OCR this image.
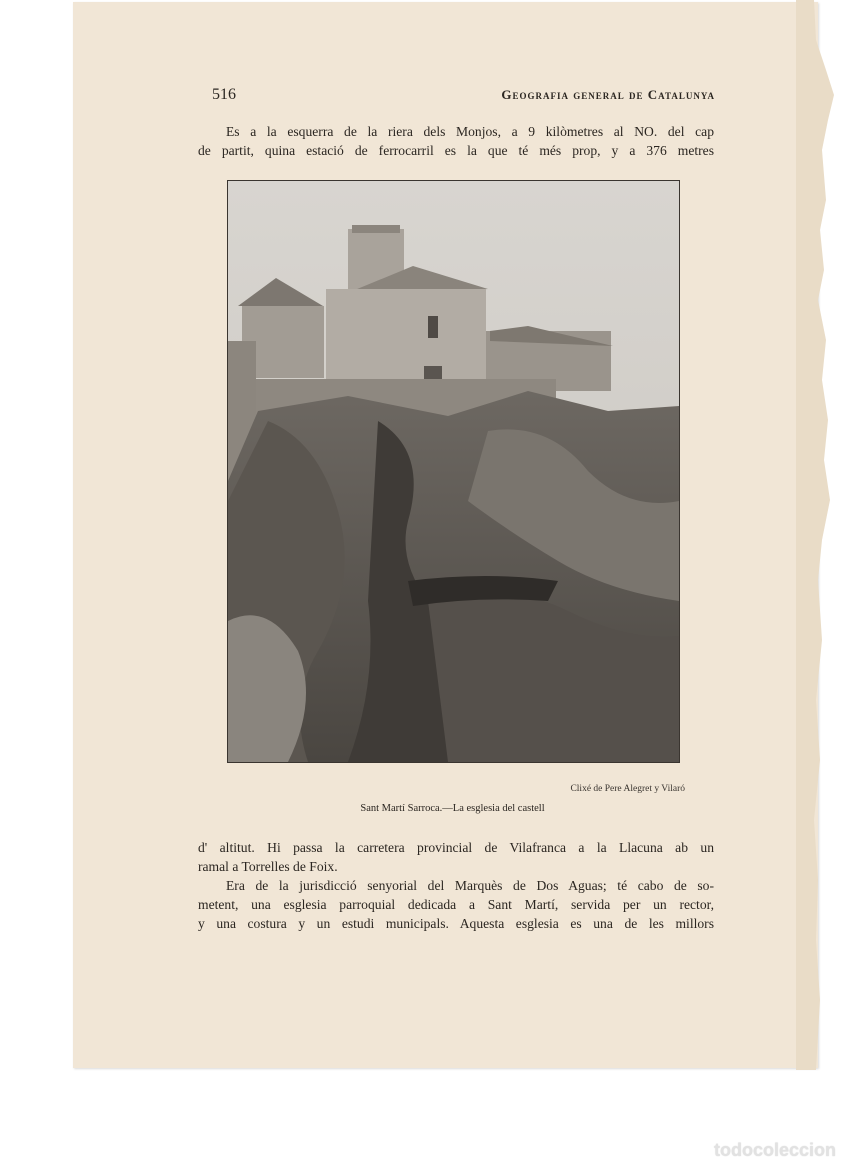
516	Geografia general de Catalunya

Es a la esquerra de la riera dels Monjos, a 9 kilòmetres al NO. del cap

de partit, quina estació de ferrocarril es la que té més prop, y a 376 metres

Clixé de Pere Alegret y Vilaró
Sant Martí Sarroca.—La esglesia del castell

d' altitut. Hi passa la carretera provincial de Vilafranca a la Llacuna ab un

ramal a Torrelles de Foix.

Era de la jurisdicció senyorial del Marquès de Dos Aguas; té cabo de so-

metent, una esglesia parroquial dedicada a Sant Martí, servida per un rector,

y una costura y un estudi municipals. Aquesta esglesia es una de les millors

todocoleccion
